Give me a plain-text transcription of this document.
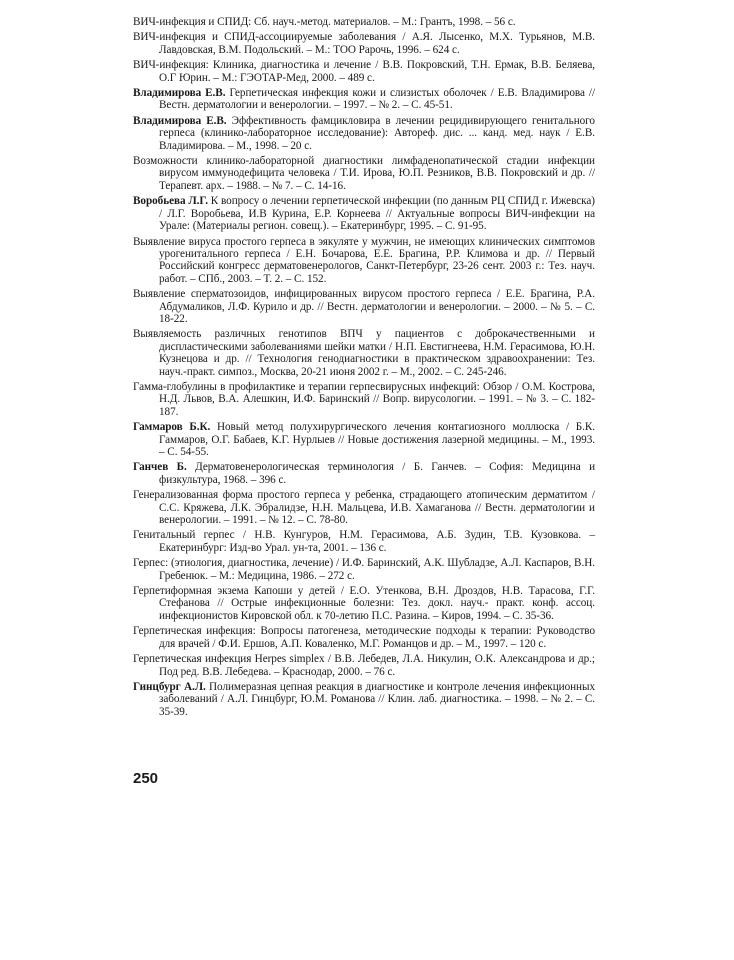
ВИЧ-инфекция и СПИД: Сб. науч.-метод. материалов. – М.: Грантъ, 1998. – 56 с.

ВИЧ-инфекция и СПИД-ассоциируемые заболевания / А.Я. Лысенко, М.Х. Турьянов, М.В. Лавдовская, В.М. Подольский. – М.: ТОО Рарочь, 1996. – 624 с.

ВИЧ-инфекция: Клиника, диагностика и лечение / В.В. Покровский, Т.Н. Ермак, В.В. Беляева, О.Г Юрин. – М.: ГЭОТАР-Мед, 2000. – 489 с.

Владимирова Е.В. Герпетическая инфекция кожи и слизистых оболочек / Е.В. Владимирова // Вестн. дерматологии и венерологии. – 1997. – № 2. – С. 45-51.

Владимирова Е.В. Эффективность фамцикловира в лечении рецидивирующего генитального герпеса (клинико-лабораторное исследование): Автореф. дис. ... канд. мед. наук / Е.В. Владимирова. – М., 1998. – 20 с.

Возможности клинико-лабораторной диагностики лимфаденопатической стадии инфекции вирусом иммунодефицита человека / Т.И. Ирова, Ю.П. Резников, В.В. Покровский и др. // Терапевт. арх. – 1988. – № 7. – С. 14-16.

Воробьева Л.Г. К вопросу о лечении герпетической инфекции (по данным РЦ СПИД г. Ижевска) / Л.Г. Воробьева, И.В Курина, Е.Р. Корнеева // Актуальные вопросы ВИЧ-инфекции на Урале: (Материалы регион. совещ.). – Екатеринбург, 1995. – С. 91-95.

Выявление вируса простого герпеса в эякуляте у мужчин, не имеющих клинических симптомов урогенитального герпеса / Е.Н. Бочарова, Е.Е. Брагина, Р.Р. Климова и др. // Первый Российский конгресс дерматовенерологов, Санкт-Петербург, 23-26 сент. 2003 г.: Тез. науч. работ. – СПб., 2003. – Т. 2. – С. 152.

Выявление сперматозоидов, инфицированных вирусом простого герпеса / Е.Е. Брагина, Р.А. Абдумаликов, Л.Ф. Курило и др. // Вестн. дерматологии и венерологии. – 2000. – № 5. – С. 18-22.

Выявляемость различных генотипов ВПЧ у пациентов с доброкачественными и диспластическими заболеваниями шейки матки / Н.П. Евстигнеева, Н.М. Герасимова, Ю.Н. Кузнецова и др. // Технология генодиагностики в практическом здравоохранении: Тез. науч.-практ. симпоз., Москва, 20-21 июня 2002 г. – М., 2002. – С. 245-246.

Гамма-глобулины в профилактике и терапии герпесвирусных инфекций: Обзор / О.М. Кострова, Н.Д. Львов, В.А. Алешкин, И.Ф. Баринский // Вопр. вирусологии. – 1991. – № 3. – С. 182-187.

Гаммаров Б.К. Новый метод полухирургического лечения контагиозного моллюска / Б.К. Гаммаров, О.Г. Бабаев, К.Г. Нурлыев // Новые достижения лазерной медицины. – М., 1993. – С. 54-55.

Ганчев Б. Дерматовенерологическая терминология / Б. Ганчев. – София: Медицина и физкультура, 1968. – 396 с.

Генерализованная форма простого герпеса у ребенка, страдающего атопическим дерматитом / С.С. Кряжева, Л.К. Эбралидзе, Н.Н. Мальцева, И.В. Хамаганова // Вестн. дерматологии и венерологии. – 1991. – № 12. – С. 78-80.

Генитальный герпес / Н.В. Кунгуров, Н.М. Герасимова, А.Б. Зудин, Т.В. Кузовкова. – Екатеринбург: Изд-во Урал. ун-та, 2001. – 136 с.

Герпес: (этиология, диагностика, лечение) / И.Ф. Баринский, А.К. Шубладзе, А.Л. Каспаров, В.Н. Гребенюк. – М.: Медицина, 1986. – 272 с.

Герпетиформная экзема Капоши у детей / Е.О. Утенкова, В.Н. Дроздов, Н.В. Тарасова, Г.Г. Стефанова // Острые инфекционные болезни: Тез. докл. науч.- практ. конф. ассоц. инфекционистов Кировской обл. к 70-летию П.С. Разина. – Киров, 1994. – С. 35-36.

Герпетическая инфекция: Вопросы патогенеза, методические подходы к терапии: Руководство для врачей / Ф.И. Ершов, А.П. Коваленко, М.Г. Романцов и др. – М., 1997. – 120 с.

Герпетическая инфекция Herpes simplex / В.В. Лебедев, Л.А. Никулин, О.К. Александрова и др.; Под ред. В.В. Лебедева. – Краснодар, 2000. – 76 с.

Гинцбург А.Л. Полимеразная цепная реакция в диагностике и контроле лечения инфекционных заболеваний / А.Л. Гинцбург, Ю.М. Романова // Клин. лаб. диагностика. – 1998. – № 2. – С. 35-39.

250
